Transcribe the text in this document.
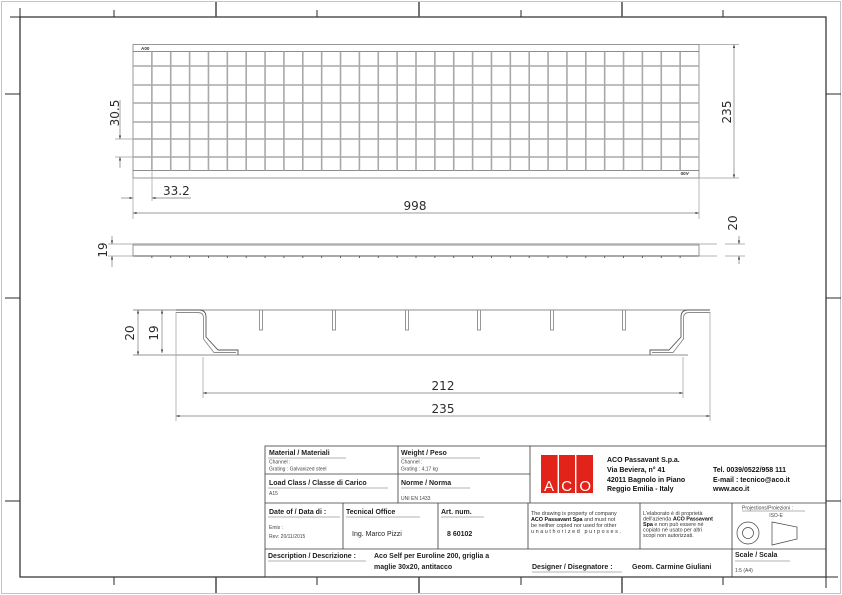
A00
A00
30.5	235
33.2
998
19
20
20 19
212
235
Material / Materiali
Channel :
Grating : Galvanized steel
Weight / Peso
Channel :
Grating : 4,17 kg
Load Class / Classe di Carico
A15
Norme / Norma
UNI EN 1433
ACO
ACO Passavant S.p.a.
Via Beviera, n° 41
42011 Bagnolo in Piano
Reggio Emilia - Italy
Tel. 0039/0522/958 111
E-mail : tecnico@aco.it
www.aco.it
Date of / Data di :
Emis :
Rev: 20/11/2015
Tecnical Office
Ing. Marco Pizzi
Art. num.
8 60102
The drawing is property of company
ACO Passavant Spa and must not
be neither copied nor used for other
unauthorized purposes.
L'elaborato è di proprietà
dell'azienda ACO Passavant
Spa e non può essere né
copiato né usato per altri
scopi non autorizzati.
Projections/Proiezioni :
ISO-E
Description / Descrizione :	Aco Self per Euroline 200, griglia a
maglie 30x20, antitacco	Designer / Disegnatore :	Geom. Carmine Giuliani
Scale / Scala
1:5 (A4)
